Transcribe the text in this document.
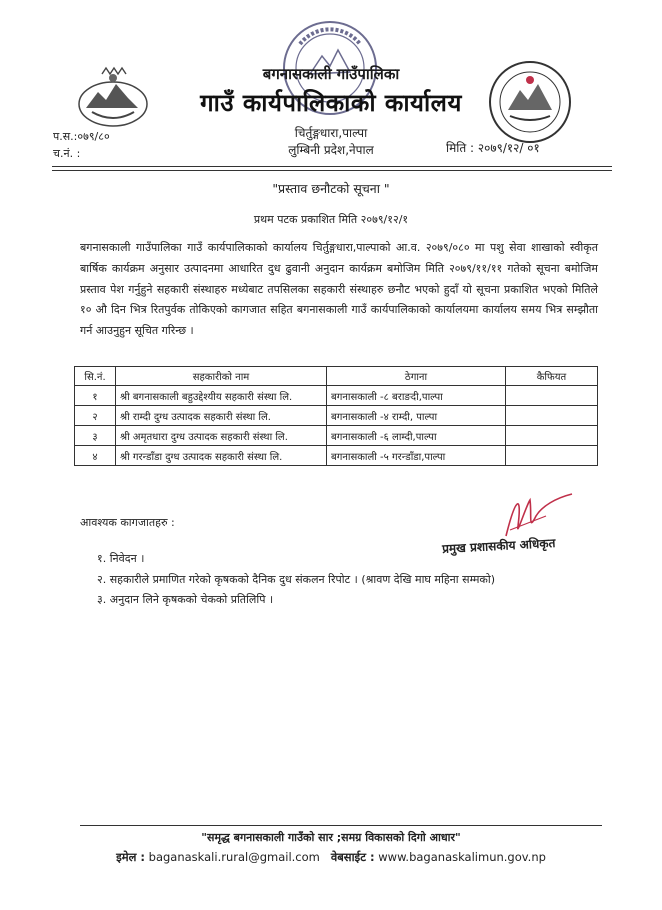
बगनासकाली गाउँपालिका
गाउँ कार्यपालिकाको कार्यालय
चिर्तुङ्गधारा,पाल्पा
लुम्बिनी प्रदेश,नेपाल
प.स.:०७९/८०
च.नं. :	मिति : २०७९/१२/ ०१
"प्रस्ताव छनौटको सूचना "
प्रथम पटक प्रकाशित मिति २०७९/१२/१
बगनासकाली गाउँपालिका गाउँ कार्यपालिकाको कार्यालय चिर्तुङ्गधारा,पाल्पाको आ.व. २०७९/०८० मा पशु सेवा शाखाको स्वीकृत बार्षिक कार्यक्रम अनुसार उत्पादनमा आधारित दुध ढुवानी अनुदान कार्यक्रम बमोजिम मिति २०७९/११/११ गतेको सूचना बमोजिम प्रस्ताव पेश गर्नुहुने सहकारी संस्थाहरु मध्येबाट तपसिलका सहकारी संस्थाहरु छनौट भएको हुदाँ यो सूचना प्रकाशित भएको मितिले १० औ दिन भित्र रितपुर्वक तोकिएको कागजात सहित बगनासकाली गाउँ कार्यपालिकाको कार्यालयमा कार्यालय समय भित्र सम्झौता गर्न आउनुहुन सूचित गरिन्छ ।
सि.नं.	सहकारीको नाम	ठेगाना	कैफियत
१	श्री बगनासकाली बहुउद्देश्यीय सहकारी संस्था लि.	बगनासकाली -८ बराङदी,पाल्पा	
२	श्री राम्दी दुग्ध उत्पादक सहकारी संस्था लि.	बगनासकाली -४ राम्दी, पाल्पा	
३	श्री अमृतधारा दुग्ध उत्पादक सहकारी संस्था लि.	बगनासकाली -६ लाम्दी,पाल्पा	
४	श्री गरन्डाँडा दुग्ध उत्पादक सहकारी संस्था लि.	बगनासकाली -५ गरन्डाँडा,पाल्पा	
आवश्यक कागजातहरु :
प्रमुख प्रशासकीय अधिकृत
१. निवेदन ।
२. सहकारीले प्रमाणित गरेको कृषकको दैनिक दुध संकलन रिपोट । (श्रावण देखि माघ महिना सम्मको)
३. अनुदान लिने कृषकको चेकको प्रतिलिपि ।
"समृद्ध बगनासकाली गाउँको सार ;समग्र विकासको दिगो आधार"
इमेल : baganaskali.rural@gmail.com वेबसाईट : www.baganaskalimun.gov.np
